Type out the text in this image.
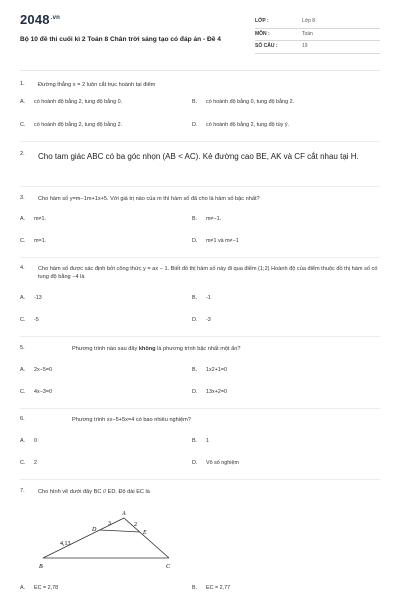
$2048^{.vn}$
Bộ 10 đề thi cuối kì 2 Toán 8 Chân trời sáng tạo có đáp án - Đề 4
LỚP :	Lớp 8
MÔN :	Toán
SỐ CÂU :	19
1. Đường thẳng x = 2 luôn cắt trục hoành tại điểm
A. có hoành độ bằng 2, tung độ bằng 0.	B. có hoành độ bằng 0, tung độ bằng 2.
C. có hoành độ bằng 2, tung độ bằng 2.	D. có hoành độ bằng 2, tung độ tùy ý.
2. Cho tam giác ABC có ba góc nhọn (AB < AC). Kẻ đường cao BE, AK và CF cắt nhau tại H.
3. Cho hàm số y=m−1m+1x+5. Với giá trị nào của m thì hàm số đã cho là hàm số bậc nhất?
A. m≠1.	B. m≠−1.
C. m=1.	D. m≠1 và m≠−1
4. Cho hàm số được xác định bởi công thức y = ax − 1. Biết đồ thị hàm số này đi qua điểm (1;2) Hoành độ của điểm thuộc đồ thị hàm số có tung độ bằng −4 là
A. -13	B. -1
C. -5	D. -3
5.	Phương trình nào sau đây không là phương trình bậc nhất một ẩn?
A. 2x−5=0	B. 1x2+1=0
C. 4x−3=0	D. 13x+2=0
6.	Phương trình xx−5+5x=4 có bao nhiêu nghiệm?
A. 0	B. 1
C. 2	D. Vô số nghiệm
7. Cho hình vẽ dưới đây BC // ED. Độ dài EC là
A
B	C
D	E
3	2
4,13
A. EC = 2,78	B. EC = 2,77
